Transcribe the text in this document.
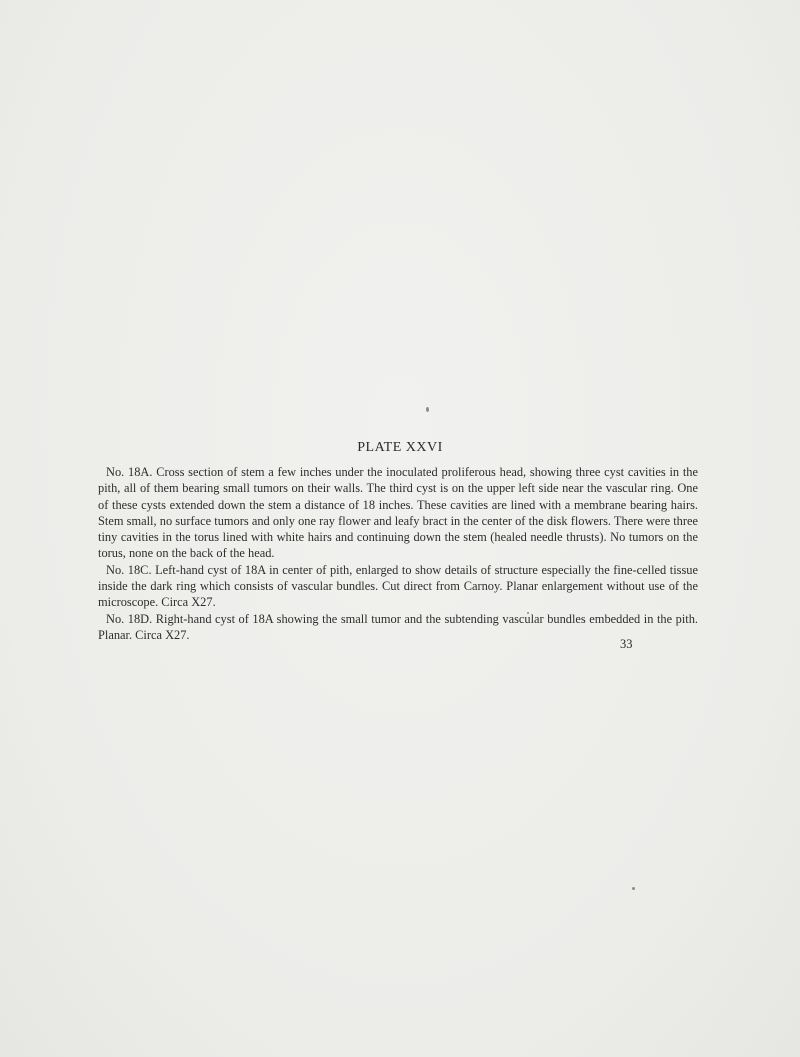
PLATE XXVI

No. 18A. Cross section of stem a few inches under the inoculated proliferous head, showing three cyst cavities in the pith, all of them bearing small tumors on their walls. The third cyst is on the upper left side near the vascular ring. One of these cysts extended down the stem a distance of 18 inches. These cavities are lined with a membrane bearing hairs. Stem small, no surface tumors and only one ray flower and leafy bract in the center of the disk flowers. There were three tiny cavities in the torus lined with white hairs and continuing down the stem (healed needle thrusts). No tumors on the torus, none on the back of the head.

No. 18C. Left-hand cyst of 18A in center of pith, enlarged to show details of structure especially the fine-celled tissue inside the dark ring which consists of vascular bundles. Cut direct from Carnoy. Planar enlargement without use of the microscope. Circa X27.

No. 18D. Right-hand cyst of 18A showing the small tumor and the subtending vascular bundles embedded in the pith. Planar. Circa X27.

33
